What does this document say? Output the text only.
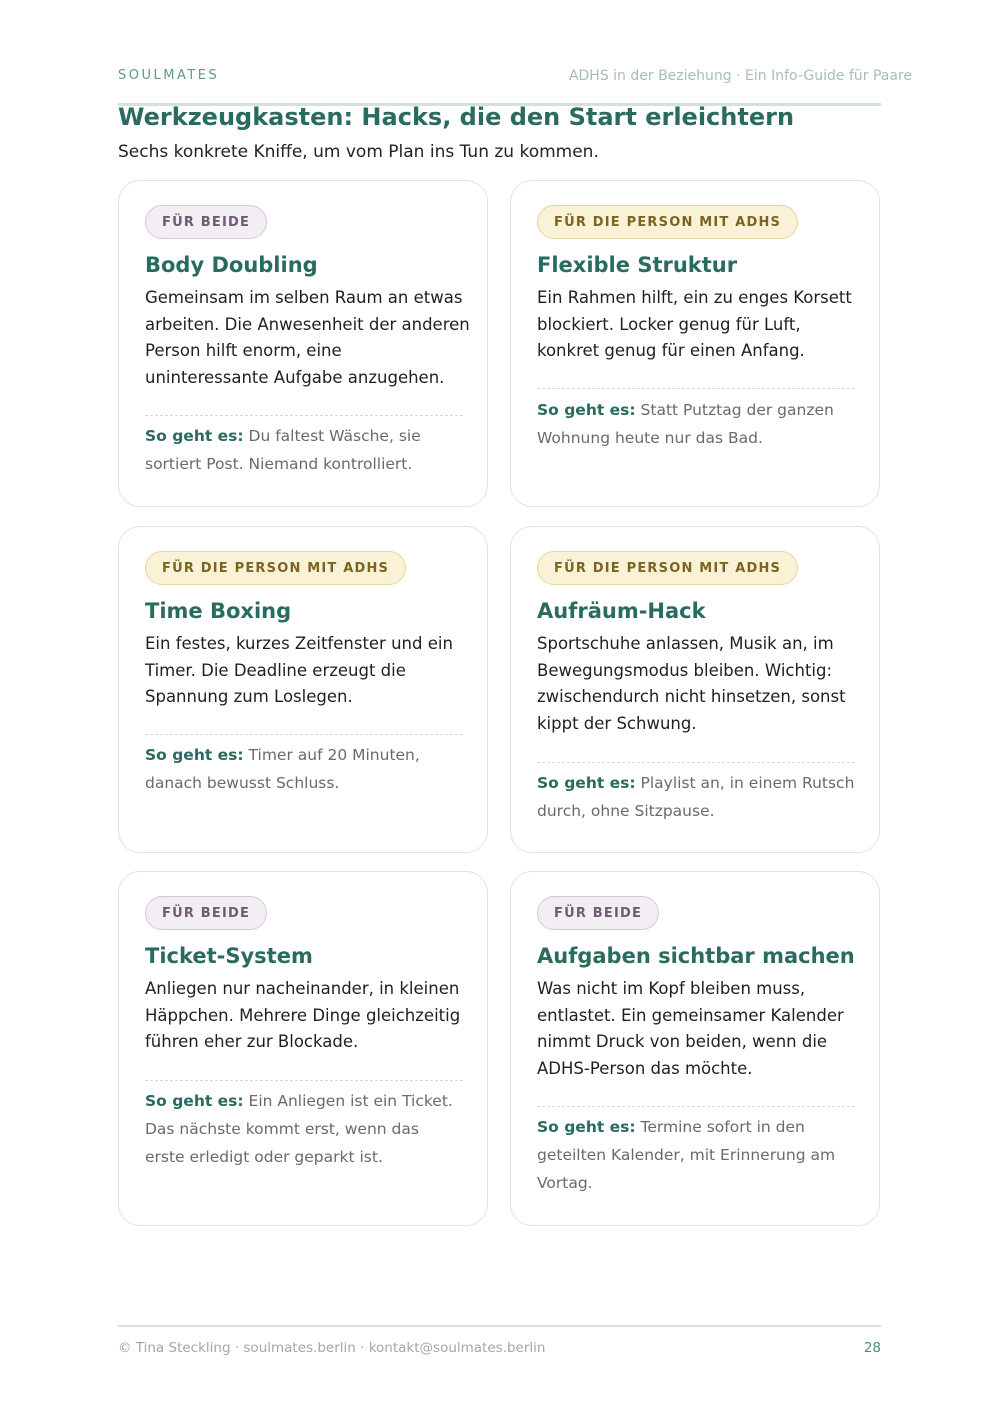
SOULMATES	ADHS in der Beziehung · Ein Info-Guide für Paare
Werkzeugkasten: Hacks, die den Start erleichtern
Sechs konkrete Kniffe, um vom Plan ins Tun zu kommen.
FÜR BEIDE
Body Doubling

Gemeinsam im selben Raum an etwas arbeiten. Die Anwesenheit der anderen Person hilft enorm, eine uninteressante Aufgabe anzugehen.

So geht es: Du faltest Wäsche, sie sortiert Post. Niemand kontrolliert.

FÜR DIE PERSON MIT ADHS
Flexible Struktur

Ein Rahmen hilft, ein zu enges Korsett blockiert. Locker genug für Luft, konkret genug für einen Anfang.

So geht es: Statt Putztag der ganzen Wohnung heute nur das Bad.

FÜR DIE PERSON MIT ADHS
Time Boxing

Ein festes, kurzes Zeitfenster und ein Timer. Die Deadline erzeugt die Spannung zum Loslegen.

So geht es: Timer auf 20 Minuten, danach bewusst Schluss.

FÜR DIE PERSON MIT ADHS
Aufräum-Hack

Sportschuhe anlassen, Musik an, im Bewegungsmodus bleiben. Wichtig: zwischendurch nicht hinsetzen, sonst kippt der Schwung.

So geht es: Playlist an, in einem Rutsch durch, ohne Sitzpause.

FÜR BEIDE
Ticket-System

Anliegen nur nacheinander, in kleinen Häppchen. Mehrere Dinge gleichzeitig führen eher zur Blockade.

So geht es: Ein Anliegen ist ein Ticket. Das nächste kommt erst, wenn das erste erledigt oder geparkt ist.

FÜR BEIDE
Aufgaben sichtbar machen

Was nicht im Kopf bleiben muss, entlastet. Ein gemeinsamer Kalender nimmt Druck von beiden, wenn die ADHS-Person das möchte.

So geht es: Termine sofort in den geteilten Kalender, mit Erinnerung am Vortag.

© Tina Steckling · soulmates.berlin · kontakt@soulmates.berlin	28
